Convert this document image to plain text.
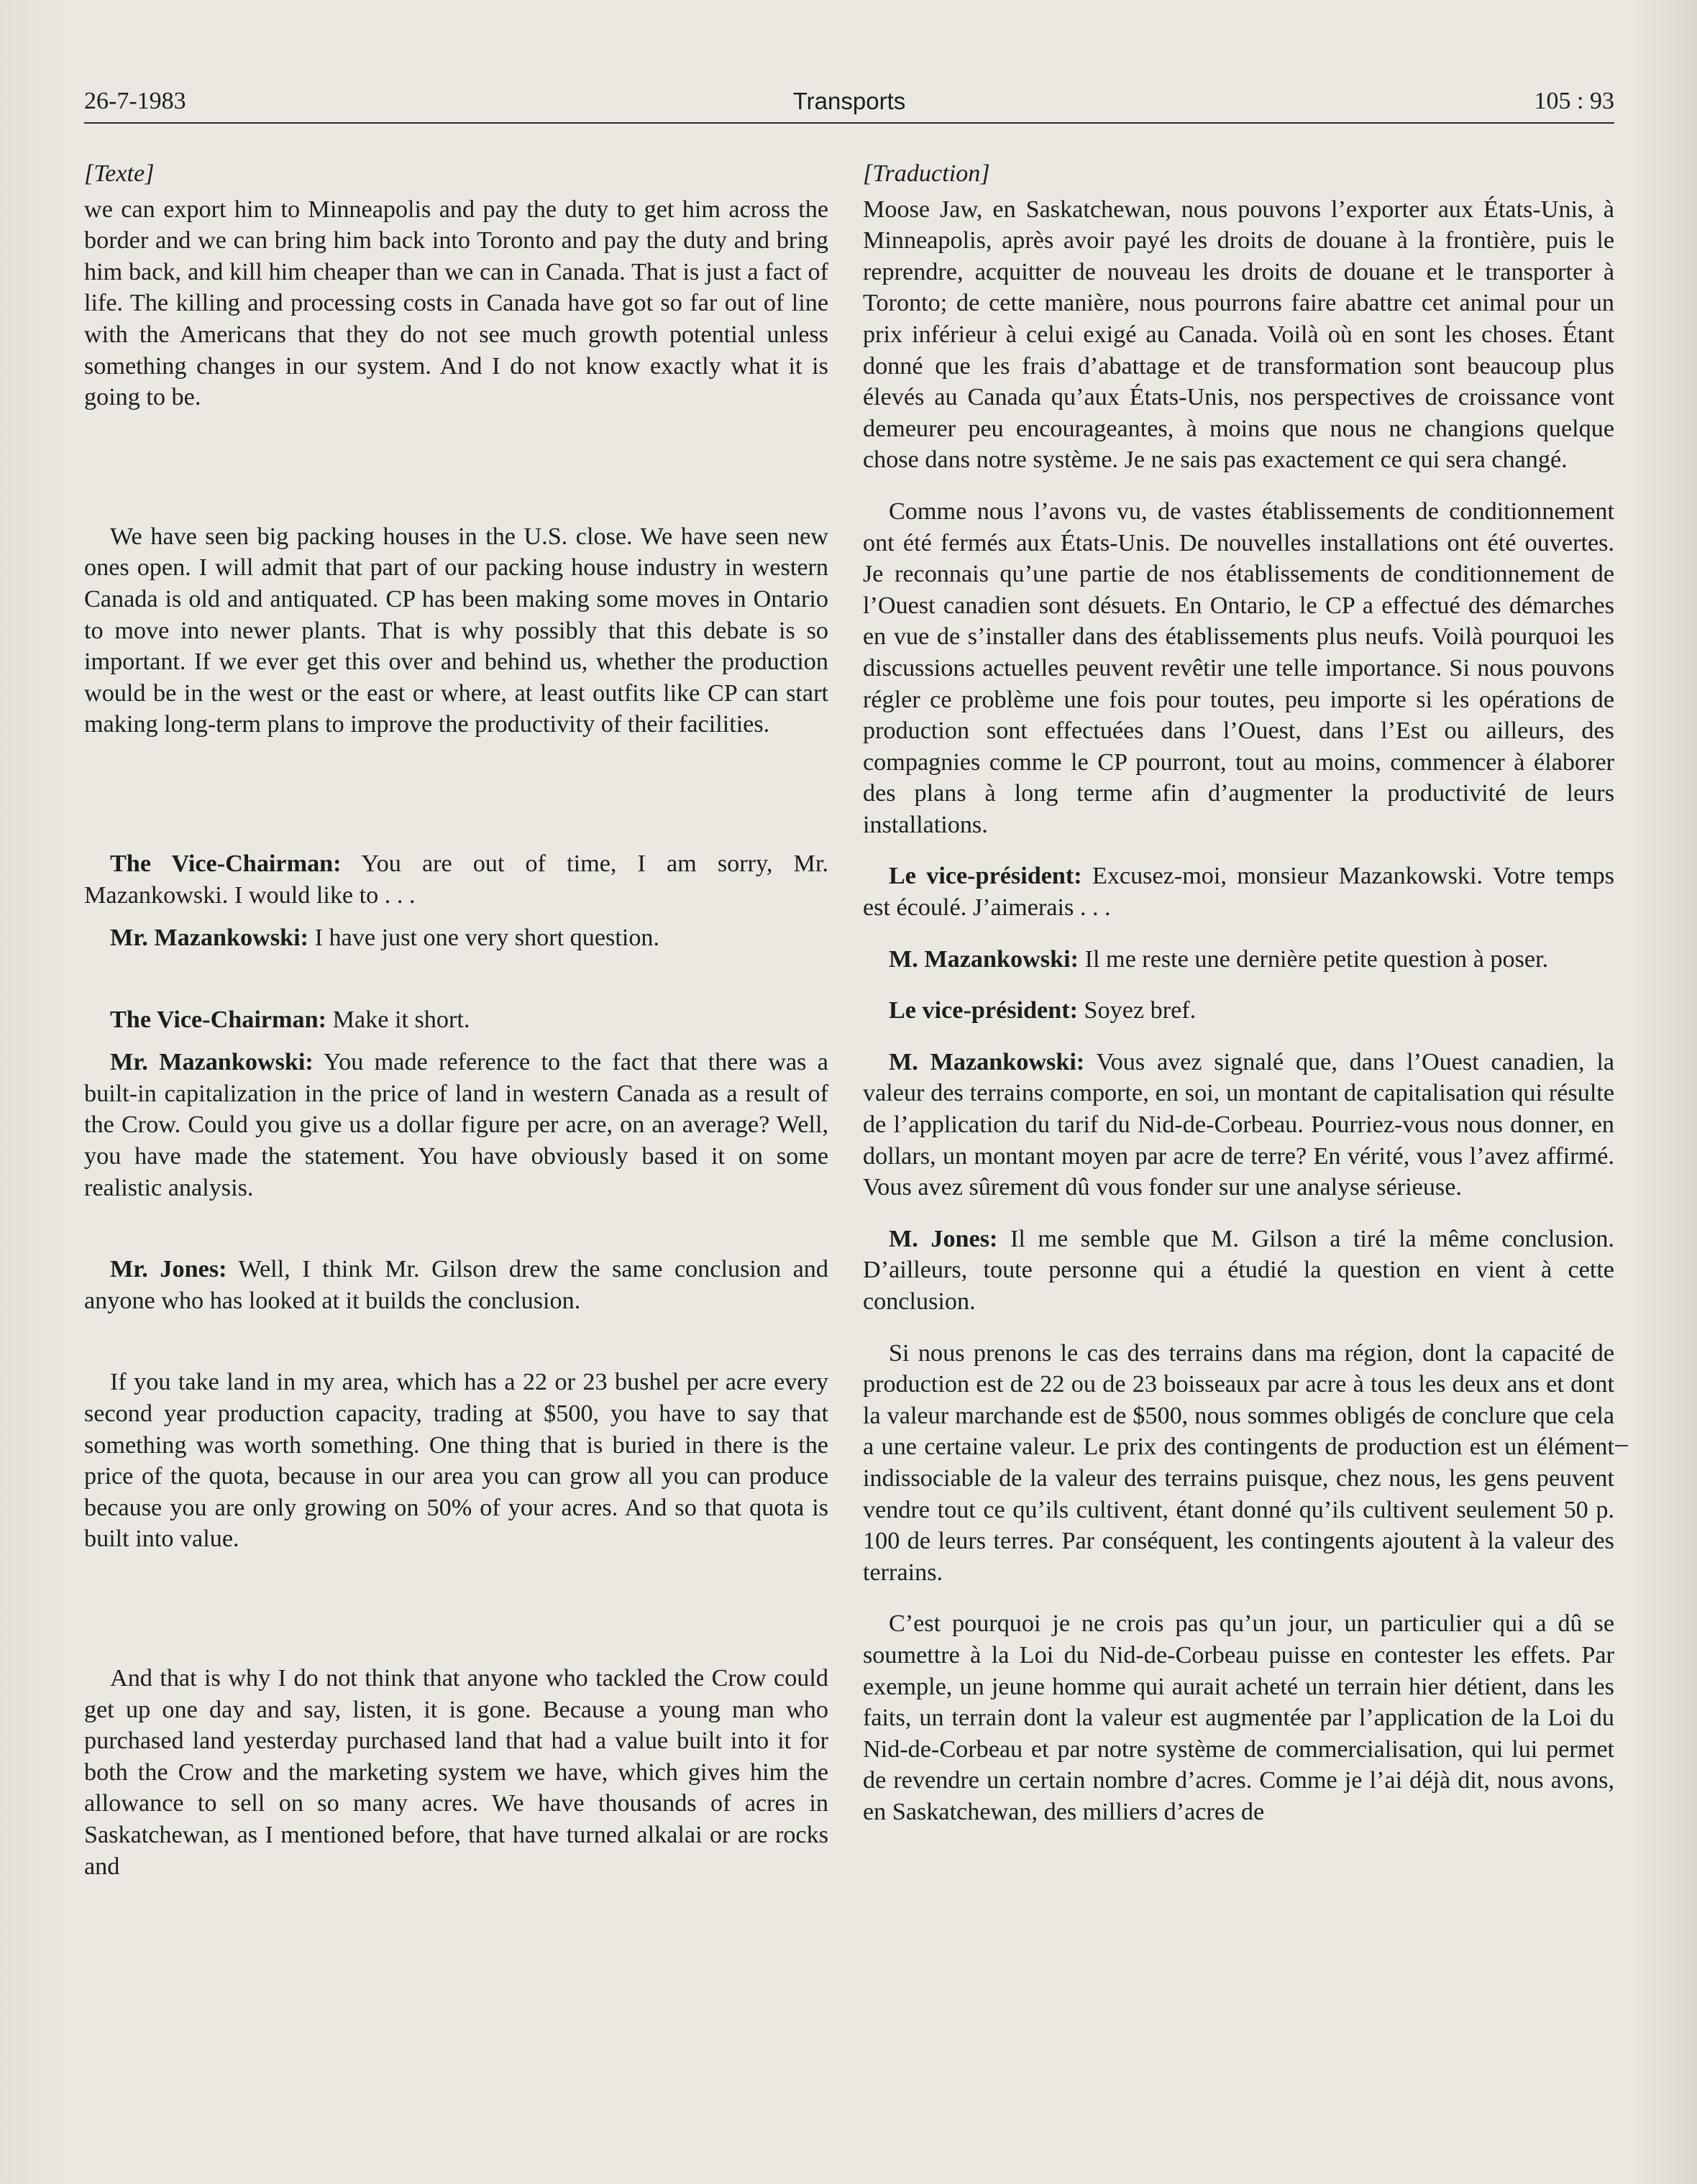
26-7-1983	Transports	105 : 93
[Texte]

we can export him to Minneapolis and pay the duty to get him across the border and we can bring him back into Toronto and pay the duty and bring him back, and kill him cheaper than we can in Canada. That is just a fact of life. The killing and processing costs in Canada have got so far out of line with the Americans that they do not see much growth potential unless something changes in our system. And I do not know exactly what it is going to be.

We have seen big packing houses in the U.S. close. We have seen new ones open. I will admit that part of our packing house industry in western Canada is old and antiquated. CP has been making some moves in Ontario to move into newer plants. That is why possibly that this debate is so important. If we ever get this over and behind us, whether the production would be in the west or the east or where, at least outfits like CP can start making long-term plans to improve the productivity of their facilities.

The Vice-Chairman: You are out of time, I am sorry, Mr. Mazankowski. I would like to . . .

Mr. Mazankowski: I have just one very short question.

The Vice-Chairman: Make it short.

Mr. Mazankowski: You made reference to the fact that there was a built-in capitalization in the price of land in western Canada as a result of the Crow. Could you give us a dollar figure per acre, on an average? Well, you have made the statement. You have obviously based it on some realistic analysis.

Mr. Jones: Well, I think Mr. Gilson drew the same conclusion and anyone who has looked at it builds the conclusion.

If you take land in my area, which has a 22 or 23 bushel per acre every second year production capacity, trading at $500, you have to say that something was worth something. One thing that is buried in there is the price of the quota, because in our area you can grow all you can produce because you are only growing on 50% of your acres. And so that quota is built into value.

And that is why I do not think that anyone who tackled the Crow could get up one day and say, listen, it is gone. Because a young man who purchased land yesterday purchased land that had a value built into it for both the Crow and the marketing system we have, which gives him the allowance to sell on so many acres. We have thousands of acres in Saskatchewan, as I mentioned before, that have turned alkalai or are rocks and

[Traduction]

Moose Jaw, en Saskatchewan, nous pouvons l’exporter aux États-Unis, à Minneapolis, après avoir payé les droits de douane à la frontière, puis le reprendre, acquitter de nouveau les droits de douane et le transporter à Toronto; de cette manière, nous pourrons faire abattre cet animal pour un prix inférieur à celui exigé au Canada. Voilà où en sont les choses. Étant donné que les frais d’abattage et de transformation sont beaucoup plus élevés au Canada qu’aux États-Unis, nos perspectives de croissance vont demeurer peu encourageantes, à moins que nous ne changions quelque chose dans notre système. Je ne sais pas exactement ce qui sera changé.

Comme nous l’avons vu, de vastes établissements de conditionnement ont été fermés aux États-Unis. De nouvelles installations ont été ouvertes. Je reconnais qu’une partie de nos établissements de conditionnement de l’Ouest canadien sont désuets. En Ontario, le CP a effectué des démarches en vue de s’installer dans des établissements plus neufs. Voilà pourquoi les discussions actuelles peuvent revêtir une telle importance. Si nous pouvons régler ce problème une fois pour toutes, peu importe si les opérations de production sont effectuées dans l’Ouest, dans l’Est ou ailleurs, des compagnies comme le CP pourront, tout au moins, commencer à élaborer des plans à long terme afin d’augmenter la productivité de leurs installations.

Le vice-président: Excusez-moi, monsieur Mazankowski. Votre temps est écoulé. J’aimerais . . .

M. Mazankowski: Il me reste une dernière petite question à poser.

Le vice-président: Soyez bref.

M. Mazankowski: Vous avez signalé que, dans l’Ouest canadien, la valeur des terrains comporte, en soi, un montant de capitalisation qui résulte de l’application du tarif du Nid-de-Corbeau. Pourriez-vous nous donner, en dollars, un montant moyen par acre de terre? En vérité, vous l’avez affirmé. Vous avez sûrement dû vous fonder sur une analyse sérieuse.

M. Jones: Il me semble que M. Gilson a tiré la même conclusion. D’ailleurs, toute personne qui a étudié la question en vient à cette conclusion.

Si nous prenons le cas des terrains dans ma région, dont la capacité de production est de 22 ou de 23 boisseaux par acre à tous les deux ans et dont la valeur marchande est de $500, nous sommes obligés de conclure que cela a une certaine valeur. Le prix des contingents de production est un élément indissociable de la valeur des terrains puisque, chez nous, les gens peuvent vendre tout ce qu’ils cultivent, étant donné qu’ils cultivent seulement 50 p. 100 de leurs terres. Par conséquent, les contingents ajoutent à la valeur des terrains.

C’est pourquoi je ne crois pas qu’un jour, un particulier qui a dû se soumettre à la Loi du Nid-de-Corbeau puisse en contester les effets. Par exemple, un jeune homme qui aurait acheté un terrain hier détient, dans les faits, un terrain dont la valeur est augmentée par l’application de la Loi du Nid-de-Corbeau et par notre système de commercialisation, qui lui permet de revendre un certain nombre d’acres. Comme je l’ai déjà dit, nous avons, en Saskatchewan, des milliers d’acres de
